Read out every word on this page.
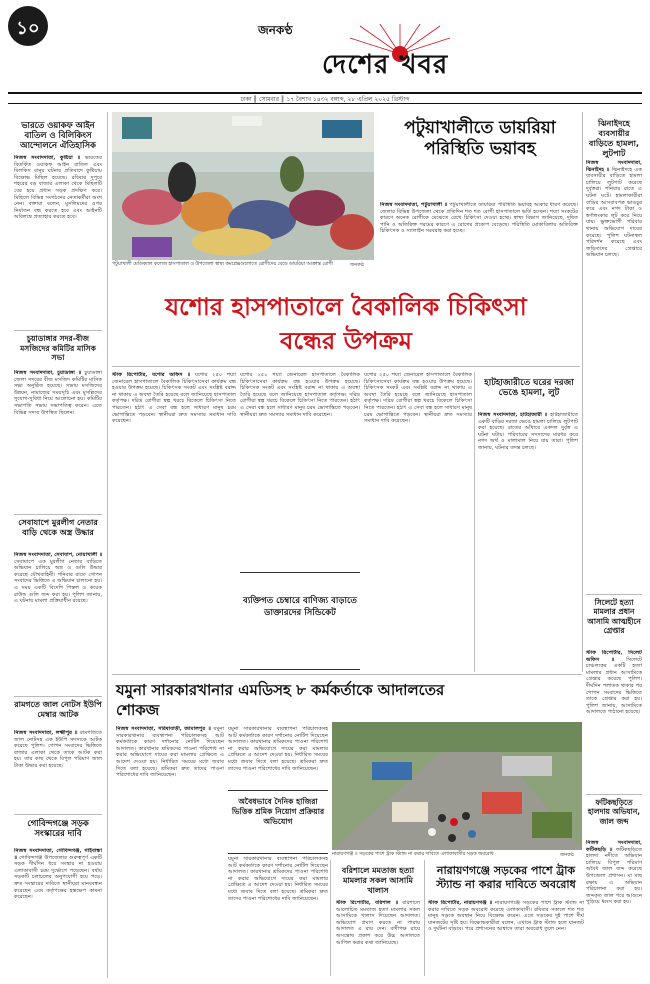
১০	জনকণ্ঠ
দেশের খবর
ঢাকা ║ সোমবার ║ ১৭ বৈশাখ ১৪৩২ বঙ্গাব্দ, ২৮ এপ্রিল ২০২৫ খ্রিস্টাব্দ
ভারতে ওয়াকফ আইন বাতিল ও বিলিকিংস আন্দোলনে ঐতিহাসিক
নিজস্ব সংবাদদাতা, কুষ্টিয়া ॥ ভারতের বিতর্কিত ওয়াকফ আইন বাতিল এবং বিলকিস বানুর ঘটনার প্রতিবাদে কুষ্টিয়ায় বিক্ষোভ মিছিল হয়েছে। রবিবার দুপুরে শহরের বড় বাজার এলাকা থেকে মিছিলটি বের হয়ে প্রধান সড়ক প্রদক্ষিণ করে। মিছিলে বিভিন্ন সংগঠনের নেতাকর্মীরা অংশ নেন। বক্তারা বলেন, মুসলিমদের ওপর নির্যাতন বন্ধ করতে হবে এবং আইনটি অবিলম্বে প্রত্যাহার করতে হবে।
চুয়াডাঙ্গার সদর-বীজ মসজিদের কমিটির মাসিক সভা
নিজস্ব সংবাদদাতা, চুয়াডাঙ্গা ॥ চুয়াডাঙ্গা জেলা সদরের বীজ মসজিদ কমিটির মাসিক সভা অনুষ্ঠিত হয়েছে। সভায় মসজিদের উন্নয়ন, নামাজের সময়সূচি এবং মুসল্লিদের সুযোগ-সুবিধা নিয়ে আলোচনা হয়। কমিটির সভাপতি সভায় সভাপতিত্ব করেন। এতে বিভিন্ন সদস্য উপস্থিত ছিলেন।
সেবাযাপে মুরলীগ নেতার বাড়ি থেকে অস্ত্র উদ্ধার
নিজস্ব সংবাদদাতা, সেবাযাপ, নোয়াখালী ॥ সেবাযাপে এক মুরলীগ নেতার বাড়িতে অভিযান চালিয়ে অস্ত্র ও গুলি উদ্ধার করেছে যৌথবাহিনী। শনিবার রাতে গোপন সংবাদের ভিত্তিতে এ অভিযান চালানো হয়। এ সময় একটি বিদেশি পিস্তল ও কয়েক রাউন্ড গুলি জব্দ করা হয়। পুলিশ জানায়, এ ঘটনায় মামলা প্রক্রিয়াধীন রয়েছে।
রামগতে জাল নোটস ইউপি মেম্বার আটক
নিজস্ব সংবাদদাতা, লক্ষ্মীপুর ॥ রামগতিতে জাল নোটসহ এক ইউপি সদস্যকে আটক করেছে পুলিশ। গোপন সংবাদের ভিত্তিতে বাজার এলাকা থেকে তাকে আটক করা হয়। তার কাছ থেকে বিপুল পরিমাণ জাল টাকা উদ্ধার করা হয়েছে।
গোবিন্দগঞ্জে সড়ক সংস্কারের দাবি
নিজস্ব সংবাদদাতা, গোবিন্দগঞ্জ, গাইবান্ধা ॥ গোবিন্দগঞ্জ উপজেলার গুরুত্বপূর্ণ একটি সড়ক দীর্ঘদিন ধরে সংস্কার না হওয়ায় এলাকাবাসী চরম দুর্ভোগে পড়েছেন। বর্ষায় সড়কটি চলাচলের অনুপযোগী হয়ে পড়ে। দ্রুত সংস্কারের দাবিতে স্থানীয়রা মানববন্ধন করেছেন এবং কর্তৃপক্ষের হস্তক্ষেপ কামনা করেছেন।
পটুয়াখালী মেডিক্যাল কলেজ হাসপাতাল ও উপজেলা স্বাস্থ্য কমপ্লেক্সগুলোতে রোগীদের বেড়ে ডায়রিয়া আক্রান্ত রোগী	জনকণ্ঠ
পটুয়াখালীতে ডায়রিয়া পরিস্থিতি ভয়াবহ
নিজস্ব সংবাদদাতা, পটুয়াখালী ॥ পটুয়াখালীতে ডায়রিয়া পরিস্থিতি ভয়াবহ আকার ধারণ করেছে। জেলার বিভিন্ন উপজেলা থেকে প্রতিদিন শত শত রোগী হাসপাতালে ভর্তি হচ্ছেন। শয্যা সংকটের কারণে অনেক রোগীকে মেঝেতে রেখে চিকিৎসা দেওয়া হচ্ছে। স্বাস্থ্য বিভাগ জানিয়েছে, দূষিত পানি ও অতিরিক্ত গরমের কারণে এ রোগের প্রকোপ বেড়েছে। পরিস্থিতি মোকাবিলায় অতিরিক্ত চিকিৎসক ও স্যালাইন সরবরাহ করা হচ্ছে।
ঝিনাইদহে ব্যবসায়ীর বাড়িতে হামলা, লুটপাট
নিজস্ব সংবাদদাতা, ঝিনাইদহ ॥ ঝিনাইদহে এক ব্যবসায়ীর বাড়িতে হামলা চালিয়ে লুটপাট করেছে দুর্বৃত্তরা। শনিবার রাতে এ ঘটনা ঘটে। হামলাকারীরা বাড়ির আসবাবপত্র ভাঙচুর করে এবং নগদ টাকা ও স্বর্ণালংকার লুট করে নিয়ে যায়। ভুক্তভোগী পরিবার থানায় অভিযোগ দায়ের করেছে। পুলিশ ঘটনাস্থল পরিদর্শন করেছে এবং জড়িতদের গ্রেপ্তারে অভিযান চলছে।
যশোর হাসপাতালে বৈকালিক চিকিৎসা বন্ধের উপক্রম
স্টাফ রিপোর্টার, যশোর অফিস ॥ যশোর ২৫০ শয্যা জেনারেল হাসপাতালে বৈকালিক চিকিৎসাসেবা কার্যক্রম বন্ধ হওয়ার উপক্রম হয়েছে। চিকিৎসক সংকট এবং সংশ্লিষ্ট বরাদ্দ না থাকায় এ অবস্থা তৈরি হয়েছে বলে জানিয়েছে হাসপাতাল কর্তৃপক্ষ। দরিদ্র রোগীরা স্বল্প খরচে বিকেলে চিকিৎসা নিতে পারতেন। হঠাৎ এ সেবা বন্ধ হলে সাধারণ মানুষ চরম ভোগান্তিতে পড়বেন। স্থানীয়রা দ্রুত সমস্যার সমাধান দাবি করেছেন।
যশোর ২৫০ শয্যা জেনারেল হাসপাতালে বৈকালিক চিকিৎসাসেবা কার্যক্রম বন্ধ হওয়ার উপক্রম হয়েছে। চিকিৎসক সংকট এবং সংশ্লিষ্ট বরাদ্দ না থাকায় এ অবস্থা তৈরি হয়েছে বলে জানিয়েছে হাসপাতাল কর্তৃপক্ষ। দরিদ্র রোগীরা স্বল্প খরচে বিকেলে চিকিৎসা নিতে পারতেন। হঠাৎ এ সেবা বন্ধ হলে সাধারণ মানুষ চরম ভোগান্তিতে পড়বেন। স্থানীয়রা দ্রুত সমস্যার সমাধান দাবি করেছেন।
ব্যক্তিগত চেম্বারে বাণিজ্য বাড়াতে ডাক্তারদের সিন্ডিকেট
যশোর ২৫০ শয্যা জেনারেল হাসপাতালে বৈকালিক চিকিৎসাসেবা কার্যক্রম বন্ধ হওয়ার উপক্রম হয়েছে। চিকিৎসক সংকট এবং সংশ্লিষ্ট বরাদ্দ না থাকায় এ অবস্থা তৈরি হয়েছে বলে জানিয়েছে হাসপাতাল কর্তৃপক্ষ। দরিদ্র রোগীরা স্বল্প খরচে বিকেলে চিকিৎসা নিতে পারতেন। হঠাৎ এ সেবা বন্ধ হলে সাধারণ মানুষ চরম ভোগান্তিতে পড়বেন। স্থানীয়রা দ্রুত সমস্যার সমাধান দাবি করেছেন।
হাটহাজারীতে ঘরের দরজা ভেঙে হামলা, লুট
নিজস্ব সংবাদদাতা, হাটহাজারী ॥ হাটহাজারীতে একটি বাড়ির দরজা ভেঙে হামলা চালিয়ে লুটপাট করা হয়েছে। রাতের আঁধারে একদল দুর্বৃত্ত এ ঘটনা ঘটায়। পরিবারের সদস্যদের মারধর করে নগদ অর্থ ও মালামাল নিয়ে যায় তারা। পুলিশ জানায়, ঘটনার তদন্ত চলছে।
সিলেটে হত্যা মামলার প্রধান আসামি আত্মহীনে গ্রেপ্তার
স্টাফ রিপোর্টার, সিলেট অফিস ॥ সিলেটে চাঞ্চল্যকর একটি হত্যা মামলার প্রধান আসামিকে গ্রেপ্তার করেছে পুলিশ। দীর্ঘদিন পলাতক থাকার পর গোপন সংবাদের ভিত্তিতে তাকে গ্রেপ্তার করা হয়। পুলিশ জানায়, আসামিকে আদালতে পাঠানো হয়েছে।
যমুনা সারকারখানার এমডিসহ ৮ কর্মকর্তাকে আদালতের শোকজ
নিজস্ব সংবাদদাতা, সরিষাবাড়ী, জামালপুর ॥ যমুনা সারকারখানার ব্যবস্থাপনা পরিচালকসহ আট কর্মকর্তাকে কারণ দর্শানোর নোটিশ দিয়েছেন আদালত। কারখানার শ্রমিকদের পাওনা পরিশোধ না করার অভিযোগে দায়ের করা মামলার প্রেক্ষিতে এ আদেশ দেওয়া হয়। নির্ধারিত সময়ের মধ্যে জবাব দিতে বলা হয়েছে। শ্রমিকরা দ্রুত তাদের পাওনা পরিশোধের দাবি জানিয়েছেন।
যমুনা সারকারখানার ব্যবস্থাপনা পরিচালকসহ আট কর্মকর্তাকে কারণ দর্শানোর নোটিশ দিয়েছেন আদালত। কারখানার শ্রমিকদের পাওনা পরিশোধ না করার অভিযোগে দায়ের করা মামলার প্রেক্ষিতে এ আদেশ দেওয়া হয়। নির্ধারিত সময়ের মধ্যে জবাব দিতে বলা হয়েছে। শ্রমিকরা দ্রুত তাদের পাওনা পরিশোধের দাবি জানিয়েছেন।
অবৈধভাবে দৈনিক হাজিরা ভিত্তিক শ্রমিক নিয়োগ প্রক্রিয়ার অভিযোগ
যমুনা সারকারখানার ব্যবস্থাপনা পরিচালকসহ আট কর্মকর্তাকে কারণ দর্শানোর নোটিশ দিয়েছেন আদালত। কারখানার শ্রমিকদের পাওনা পরিশোধ না করার অভিযোগে দায়ের করা মামলার প্রেক্ষিতে এ আদেশ দেওয়া হয়। নির্ধারিত সময়ের মধ্যে জবাব দিতে বলা হয়েছে। শ্রমিকরা দ্রুত তাদের পাওনা পরিশোধের দাবি জানিয়েছেন।
নারায়ণগঞ্জ ॥ সড়কের পাশে ট্রাক স্ট্যান্ড না করার দাবিতে এলাকাবাসীর সড়ক অবরোধ	জনকণ্ঠ
বরিশালে মমতাজ হত্যা মামলার সকল আসামি খালাস
স্টাফ রিপোর্টার, বরিশাল ॥ বরিশালে আলোচিত মমতাজ হত্যা মামলার সকল আসামিকে খালাস দিয়েছেন আদালত। অভিযোগ প্রমাণ করতে না পারায় আদালত এ রায় দেন। বাদীপক্ষ রায়ে অসন্তোষ প্রকাশ করে উচ্চ আদালতে আপিল করার কথা জানিয়েছে।
নারায়ণগঞ্জে সড়কের পাশে ট্রাক স্ট্যান্ড না করার দাবিতে অবরোধ
স্টাফ রিপোর্টার, নারায়ণগঞ্জ ॥ নারায়ণগঞ্জে সড়কের পাশে ট্রাক স্ট্যান্ড না করার দাবিতে সড়ক অবরোধ করেছে এলাকাবাসী। রবিবার সকালে শত শত মানুষ সড়কে অবস্থান নিয়ে বিক্ষোভ করেন। এতে সড়কের দুই পাশে দীর্ঘ যানজটের সৃষ্টি হয়। বিক্ষোভকারীরা বলেন, এখানে ট্রাক স্ট্যান্ড হলে যানজট ও দুর্ঘটনা বাড়বে। পরে প্রশাসনের আশ্বাসে তারা অবরোধ তুলে নেন।
ফটিকছড়িতে হালদায় অভিযান, জাল জব্দ
নিজস্ব সংবাদদাতা, ফটিকছড়ি ॥ ফটিকছড়িতে হালদা নদীতে অভিযান চালিয়ে বিপুল পরিমাণ অবৈধ জাল জব্দ করেছে উপজেলা প্রশাসন। মা মাছ রক্ষায় এ অভিযান পরিচালনা করা হয়। জব্দকৃত জাল পরে আগুনে পুড়িয়ে ধ্বংস করা হয়।
